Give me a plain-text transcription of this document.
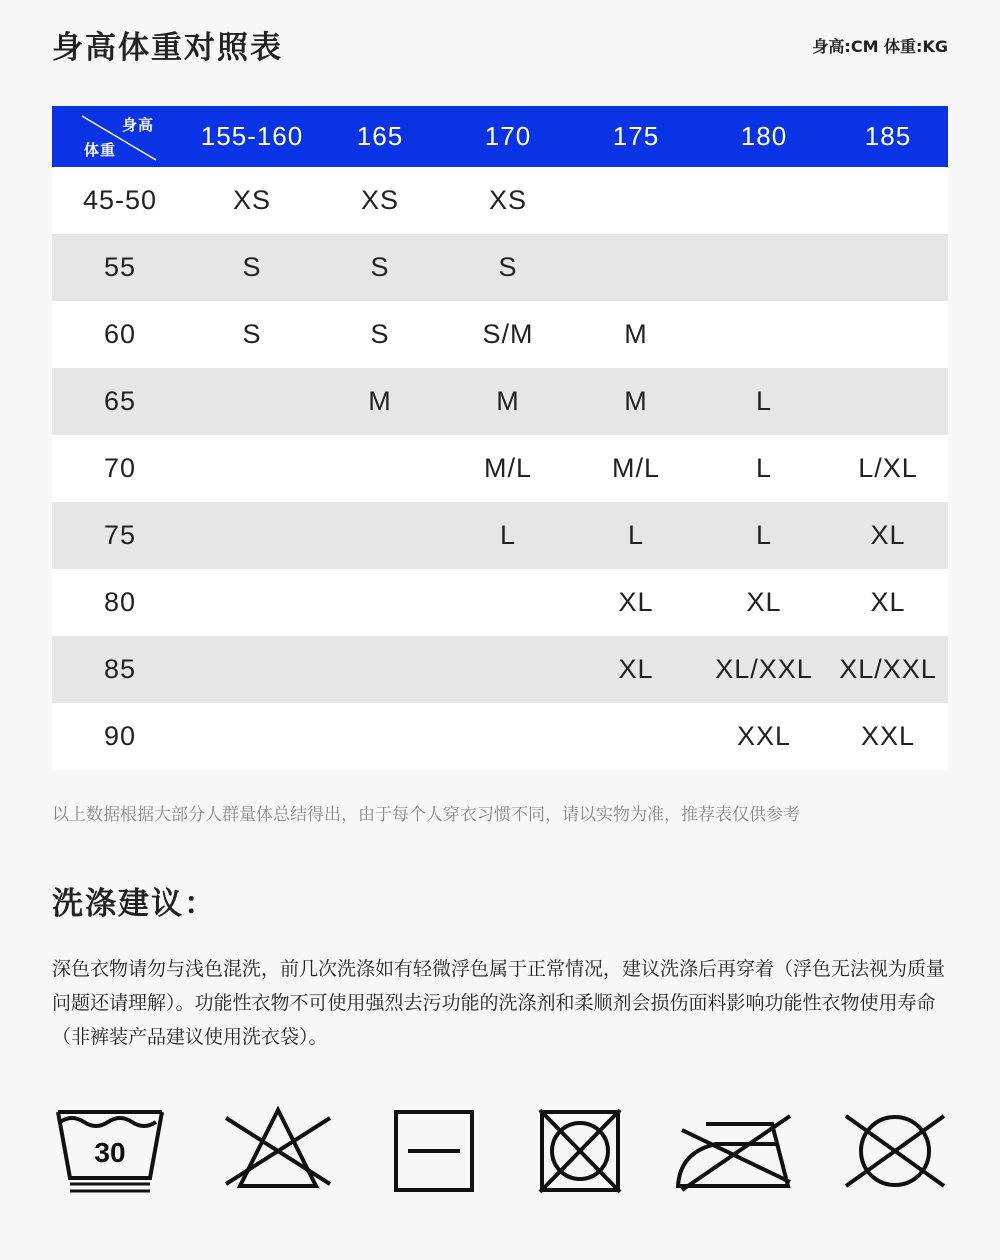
身高体重对照表	身高:CM 体重:KG
身高
体重	155-160	165	170	175	180	185
45-50	XS	XS	XS			
55	S	S	S			
60	S	S	S/M	M		
65		M	M	M	L	
70			M/L	M/L	L	L/XL
75			L	L	L	XL
80				XL	XL	XL
85				XL	XL/XXL	XL/XXL
90					XXL	XXL
以上数据根据大部分人群量体总结得出，由于每个人穿衣习惯不同，请以实物为准，推荐表仅供参考
洗涤建议：
深色衣物请勿与浅色混洗，前几次洗涤如有轻微浮色属于正常情况，建议洗涤后再穿着（浮色无法视为质量问题还请理解）。功能性衣物不可使用强烈去污功能的洗涤剂和柔顺剂会损伤面料影响功能性衣物使用寿命（非裤装产品建议使用洗衣袋）。
30
